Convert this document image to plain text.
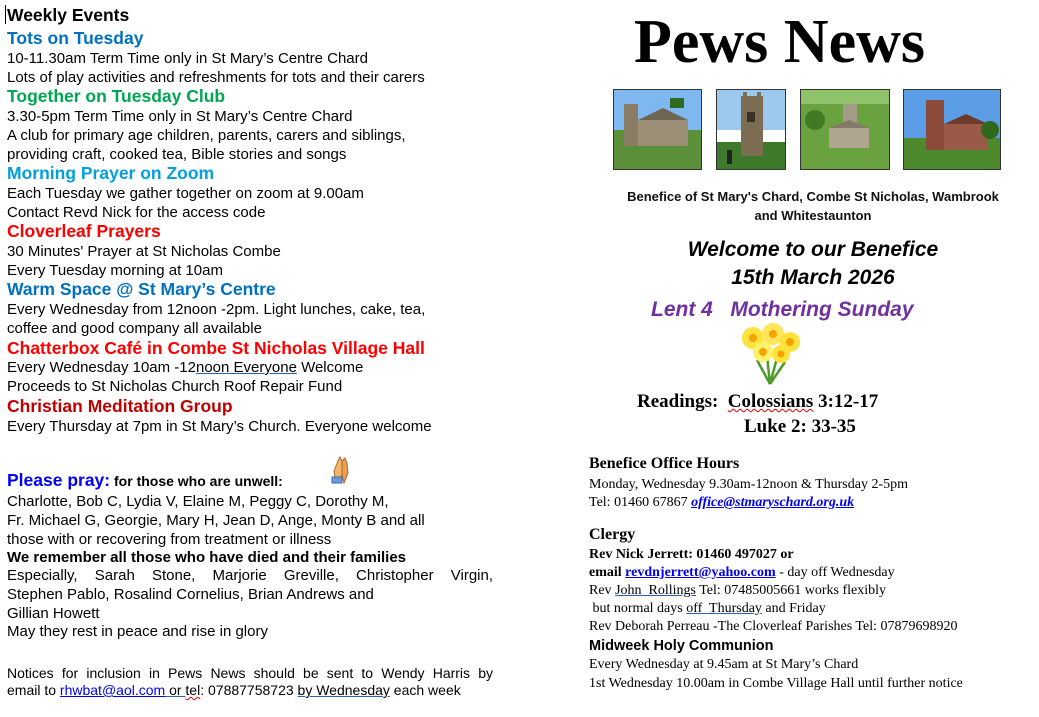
Weekly Events
Tots on Tuesday
10-11.30am Term Time only in St Mary’s Centre Chard
Lots of play activities and refreshments for tots and their carers
Together on Tuesday Club
3.30-5pm Term Time only in St Mary’s Centre Chard
A club for primary age children, parents, carers and siblings,
providing craft, cooked tea, Bible stories and songs
Morning Prayer on Zoom
Each Tuesday we gather together on zoom at 9.00am
Contact Revd Nick for the access code
Cloverleaf Prayers
30 Minutes' Prayer at St Nicholas Combe
Every Tuesday morning at 10am
Warm Space @ St Mary’s Centre
Every Wednesday from 12noon -2pm. Light lunches, cake, tea,
coffee and good company all available
Chatterbox Café in Combe St Nicholas Village Hall
Every Wednesday 10am -12noon Everyone Welcome
Proceeds to St Nicholas Church Roof Repair Fund
Christian Meditation Group
Every Thursday at 7pm in St Mary’s Church. Everyone welcome
Please pray: for those who are unwell:
Charlotte, Bob C, Lydia V, Elaine M, Peggy C, Dorothy M,
Fr. Michael G, Georgie, Mary H, Jean D, Ange, Monty B and all
those with or recovering from treatment or illness
We remember all those who have died and their families
Especially, Sarah Stone, Marjorie Greville, Christopher Virgin,
Stephen Pablo, Rosalind Cornelius, Brian Andrews and
Gillian Howett
May they rest in peace and rise in glory
Notices for inclusion in Pews News should be sent to Wendy Harris by
email to rhwbat@aol.com or tel: 07887758723 by Wednesday each week
Pews News
Benefice of St Mary's Chard, Combe St Nicholas, Wambrook
and Whitestaunton
Welcome to our Benefice
15th March 2026
Lent 4   Mothering Sunday
Readings:  Colossians 3:12-17
Luke 2: 33-35
Benefice Office Hours
Monday, Wednesday 9.30am-12noon & Thursday 2-5pm
Tel: 01460 67867 office@stmaryschard.org.uk
Clergy
Rev Nick Jerrett: 01460 497027 or
email revdnjerrett@yahoo.com - day off Wednesday
Rev John  Rollings Tel: 07485005661 works flexibly
but normal days off  Thursday and Friday
Rev Deborah Perreau -The Cloverleaf Parishes Tel: 07879698920
Midweek Holy Communion
Every Wednesday at 9.45am at St Mary’s Chard
1st Wednesday 10.00am in Combe Village Hall until further notice
